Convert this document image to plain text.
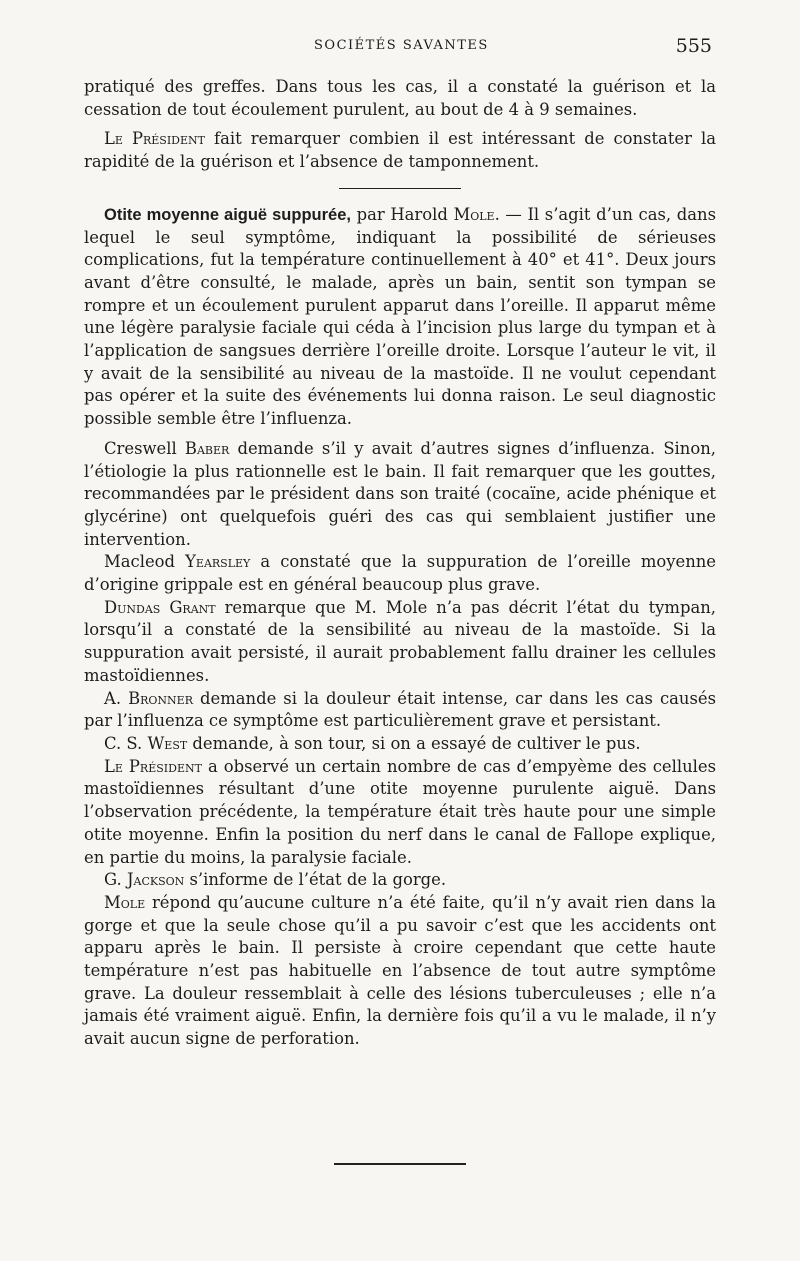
SOCIÉTÉS SAVANTES	555

pratiqué des greffes. Dans tous les cas, il a constaté la guérison et la cessation de tout écoulement purulent, au bout de 4 à 9 semaines.

Le Président fait remarquer combien il est intéressant de constater la rapidité de la guérison et l’absence de tamponnement.

Otite moyenne aiguë suppurée, par Harold Mole. — Il s’agit d’un cas, dans lequel le seul symptôme, indiquant la possibilité de sérieuses complications, fut la température continuellement à 40° et 41°. Deux jours avant d’être consulté, le malade, après un bain, sentit son tympan se rompre et un écoulement purulent apparut dans l’oreille. Il apparut même une légère paralysie faciale qui céda à l’incision plus large du tympan et à l’application de sangsues derrière l’oreille droite. Lorsque l’auteur le vit, il y avait de la sensibilité au niveau de la mastoïde. Il ne voulut cependant pas opérer et la suite des événements lui donna raison. Le seul diagnostic possible semble être l’influenza.

Creswell Baber demande s’il y avait d’autres signes d’influenza. Sinon, l’étiologie la plus rationnelle est le bain. Il fait remarquer que les gouttes, recommandées par le président dans son traité (cocaïne, acide phénique et glycérine) ont quelquefois guéri des cas qui semblaient justifier une intervention.

Macleod Yearsley a constaté que la suppuration de l’oreille moyenne d’origine grippale est en général beaucoup plus grave.

Dundas Grant remarque que M. Mole n’a pas décrit l’état du tympan, lorsqu’il a constaté de la sensibilité au niveau de la mastoïde. Si la suppuration avait persisté, il aurait probablement fallu drainer les cellules mastoïdiennes.

A. Bronner demande si la douleur était intense, car dans les cas causés par l’influenza ce symptôme est particulièrement grave et persistant.

C. S. West demande, à son tour, si on a essayé de cultiver le pus.

Le Président a observé un certain nombre de cas d’empyème des cellules mastoïdiennes résultant d’une otite moyenne purulente aiguë. Dans l’observation précédente, la température était très haute pour une simple otite moyenne. Enfin la position du nerf dans le canal de Fallope explique, en partie du moins, la paralysie faciale.

G. Jackson s’informe de l’état de la gorge.

Mole répond qu’aucune culture n’a été faite, qu’il n’y avait rien dans la gorge et que la seule chose qu’il a pu savoir c’est que les accidents ont apparu après le bain. Il persiste à croire cependant que cette haute température n’est pas habituelle en l’absence de tout autre symptôme grave. La douleur ressemblait à celle des lésions tuberculeuses ; elle n’a jamais été vraiment aiguë. Enfin, la dernière fois qu’il a vu le malade, il n’y avait aucun signe de perforation.
